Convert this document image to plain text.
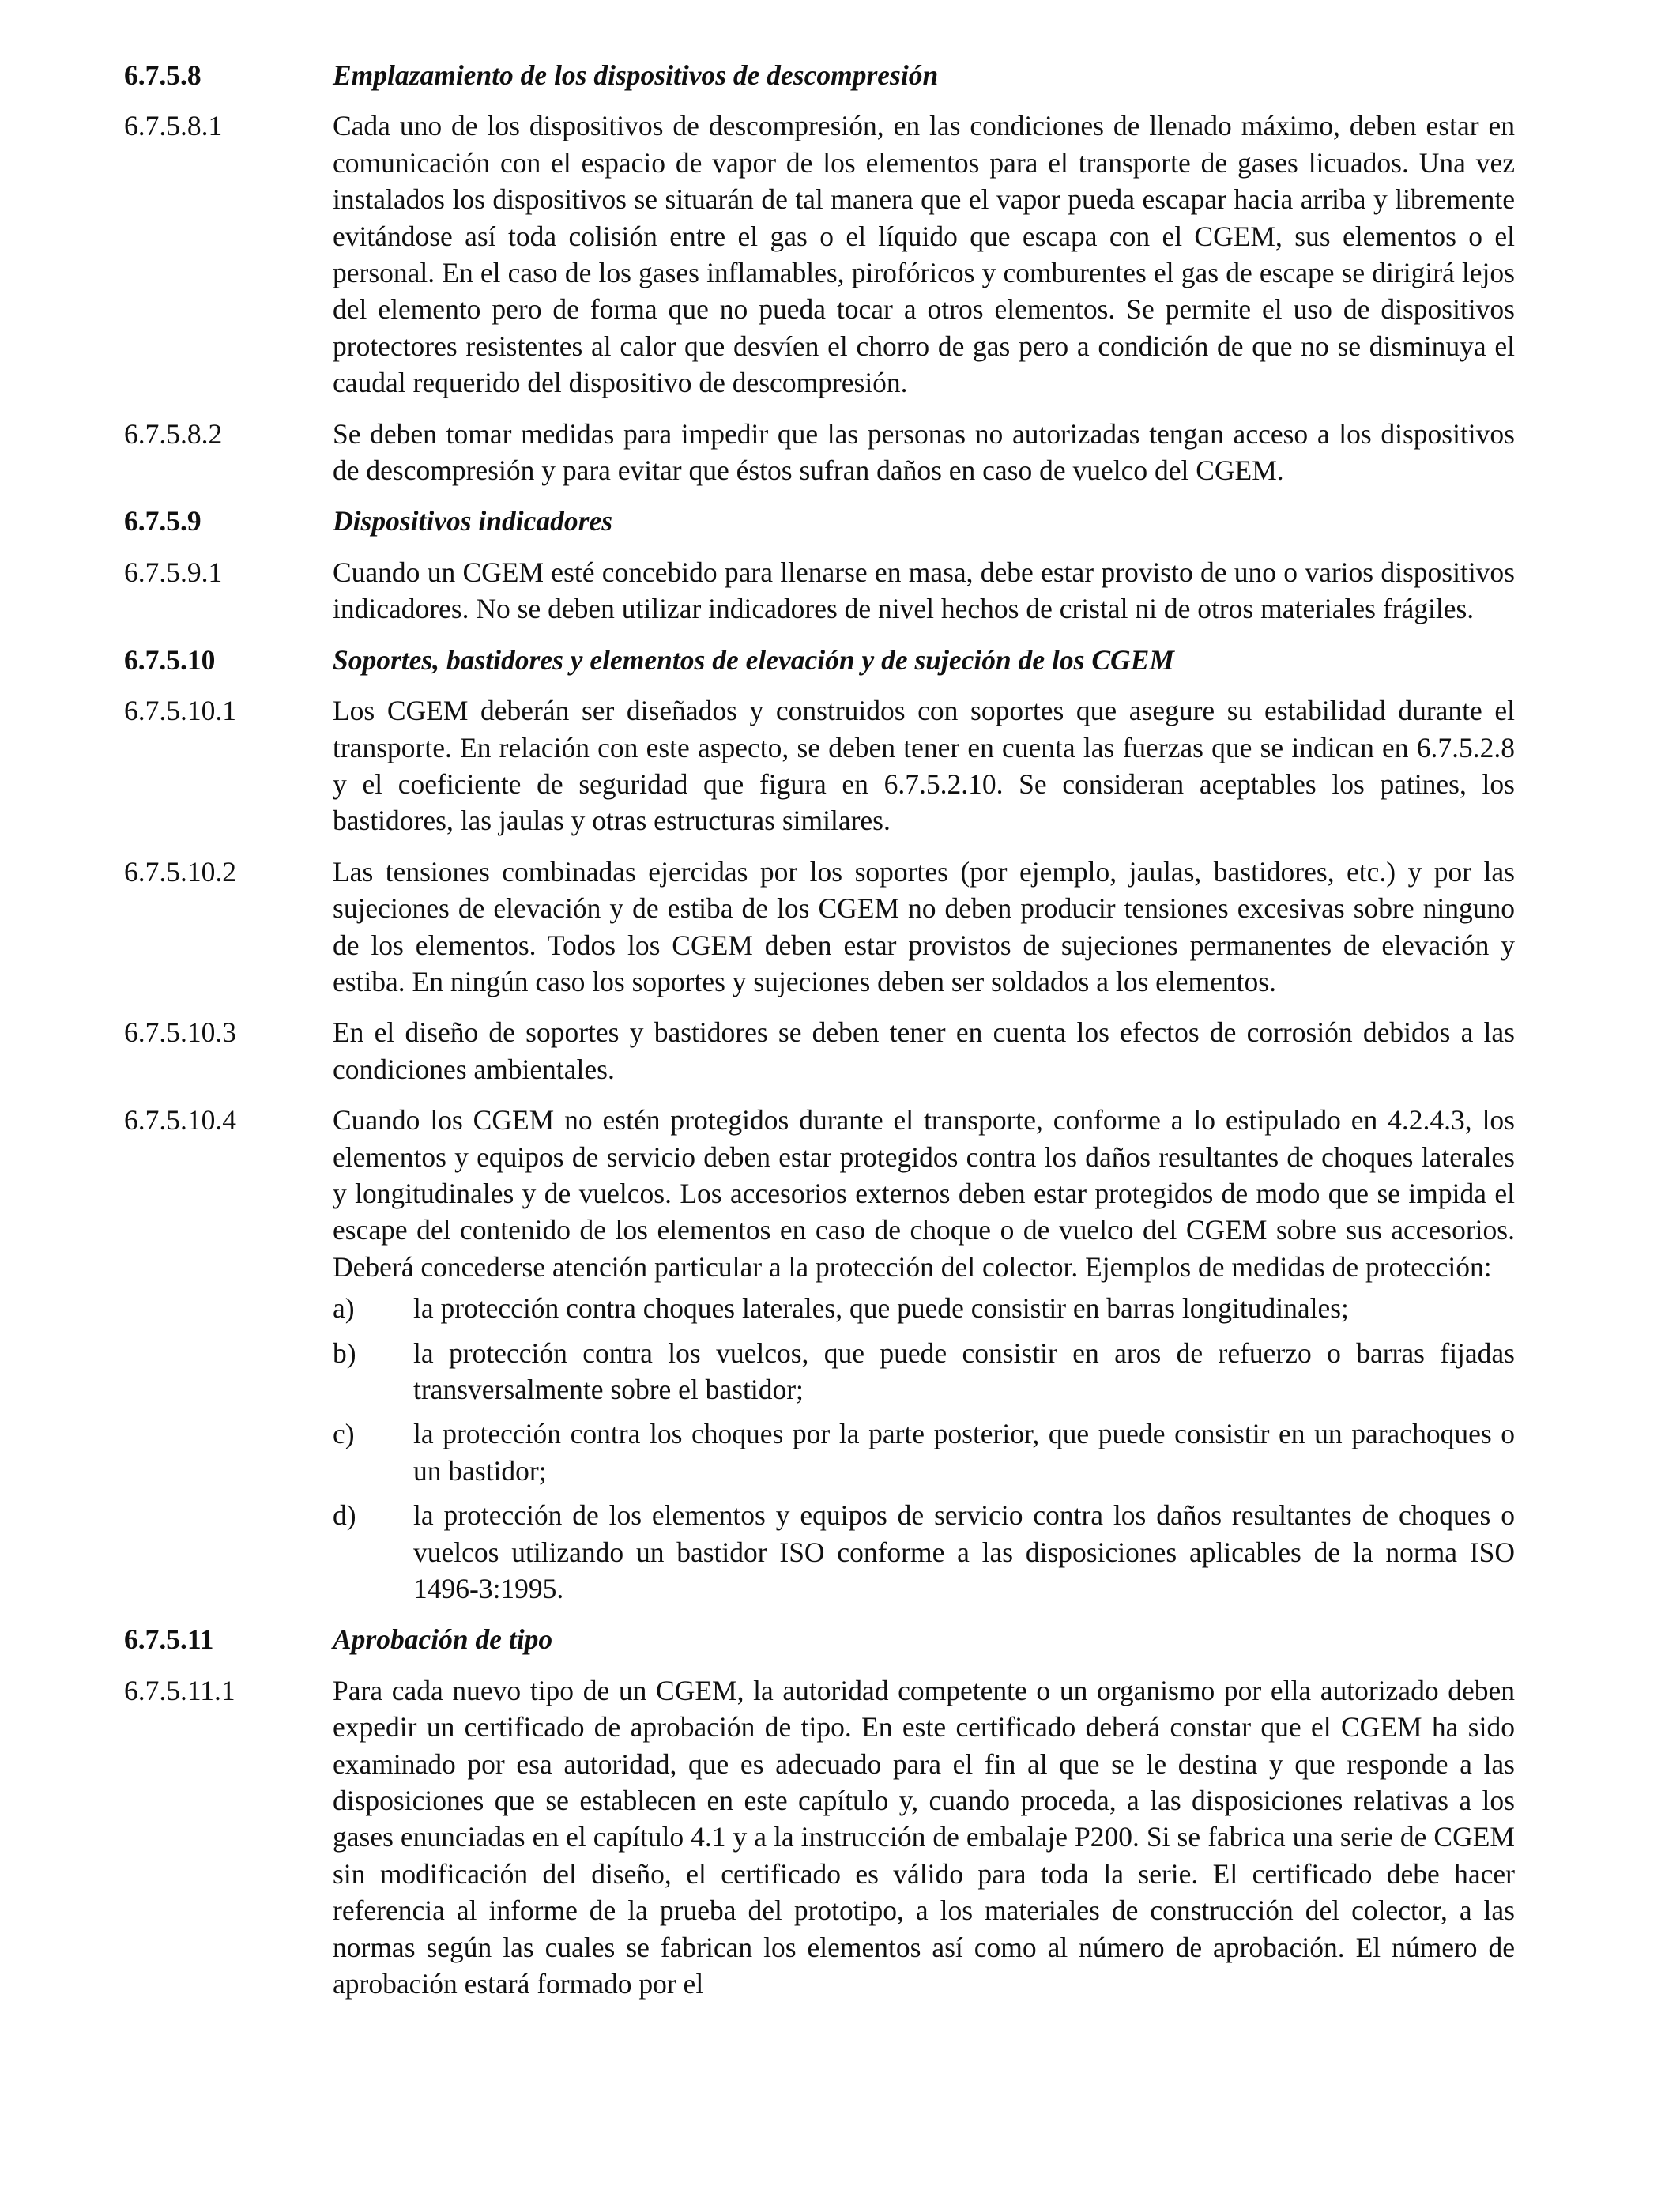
6.7.5.8	Emplazamiento de los dispositivos de descompresión
6.7.5.8.1	Cada uno de los dispositivos de descompresión, en las condiciones de llenado máximo, deben estar en comunicación con el espacio de vapor de los elementos para el transporte de gases licuados. Una vez instalados los dispositivos se situarán de tal manera que el vapor pueda escapar hacia arriba y libremente evitándose así toda colisión entre el gas o el líquido que escapa con el CGEM, sus elementos o el personal. En el caso de los gases inflamables, pirofóricos y comburentes el gas de escape se dirigirá lejos del elemento pero de forma que no pueda tocar a otros elementos. Se permite el uso de dispositivos protectores resistentes al calor que desvíen el chorro de gas pero a condición de que no se disminuya el caudal requerido del dispositivo de descompresión.
6.7.5.8.2	Se deben tomar medidas para impedir que las personas no autorizadas tengan acceso a los dispositivos de descompresión y para evitar que éstos sufran daños en caso de vuelco del CGEM.
6.7.5.9	Dispositivos indicadores
6.7.5.9.1	Cuando un CGEM esté concebido para llenarse en masa, debe estar provisto de uno o varios dispositivos indicadores. No se deben utilizar indicadores de nivel hechos de cristal ni de otros materiales frágiles.
6.7.5.10	Soportes, bastidores y elementos de elevación y de sujeción de los CGEM
6.7.5.10.1	Los CGEM deberán ser diseñados y construidos con soportes que asegure su estabilidad durante el transporte. En relación con este aspecto, se deben tener en cuenta las fuerzas que se indican en 6.7.5.2.8 y el coeficiente de seguridad que figura en 6.7.5.2.10. Se consideran aceptables los patines, los bastidores, las jaulas y otras estructuras similares.
6.7.5.10.2	Las tensiones combinadas ejercidas por los soportes (por ejemplo, jaulas, bastidores, etc.) y por las sujeciones de elevación y de estiba de los CGEM no deben producir tensiones excesivas sobre ninguno de los elementos. Todos los CGEM deben estar provistos de sujeciones permanentes de elevación y estiba. En ningún caso los soportes y sujeciones deben ser soldados a los elementos.
6.7.5.10.3	En el diseño de soportes y bastidores se deben tener en cuenta los efectos de corrosión debidos a las condiciones ambientales.
6.7.5.10.4	Cuando los CGEM no estén protegidos durante el transporte, conforme a lo estipulado en 4.2.4.3, los elementos y equipos de servicio deben estar protegidos contra los daños resultantes de choques laterales y longitudinales y de vuelcos. Los accesorios externos deben estar protegidos de modo que se impida el escape del contenido de los elementos en caso de choque o de vuelco del CGEM sobre sus accesorios. Deberá concederse atención particular a la protección del colector. Ejemplos de medidas de protección:
a)	la protección contra choques laterales, que puede consistir en barras longitudinales;
b)	la protección contra los vuelcos, que puede consistir en aros de refuerzo o barras fijadas transversalmente sobre el bastidor;
c)	la protección contra los choques por la parte posterior, que puede consistir en un parachoques o un bastidor;
d)	la protección de los elementos y equipos de servicio contra los daños resultantes de choques o vuelcos utilizando un bastidor ISO conforme a las disposiciones aplicables de la norma ISO 1496-3:1995.
6.7.5.11	Aprobación de tipo
6.7.5.11.1	Para cada nuevo tipo de un CGEM, la autoridad competente o un organismo por ella autorizado deben expedir un certificado de aprobación de tipo. En este certificado deberá constar que el CGEM ha sido examinado por esa autoridad, que es adecuado para el fin al que se le destina y que responde a las disposiciones que se establecen en este capítulo y, cuando proceda, a las disposiciones relativas a los gases enunciadas en el capítulo 4.1 y a la instrucción de embalaje P200. Si se fabrica una serie de CGEM sin modificación del diseño, el certificado es válido para toda la serie. El certificado debe hacer referencia al informe de la prueba del prototipo, a los materiales de construcción del colector, a las normas según las cuales se fabrican los elementos así como al número de aprobación. El número de aprobación estará formado por el
